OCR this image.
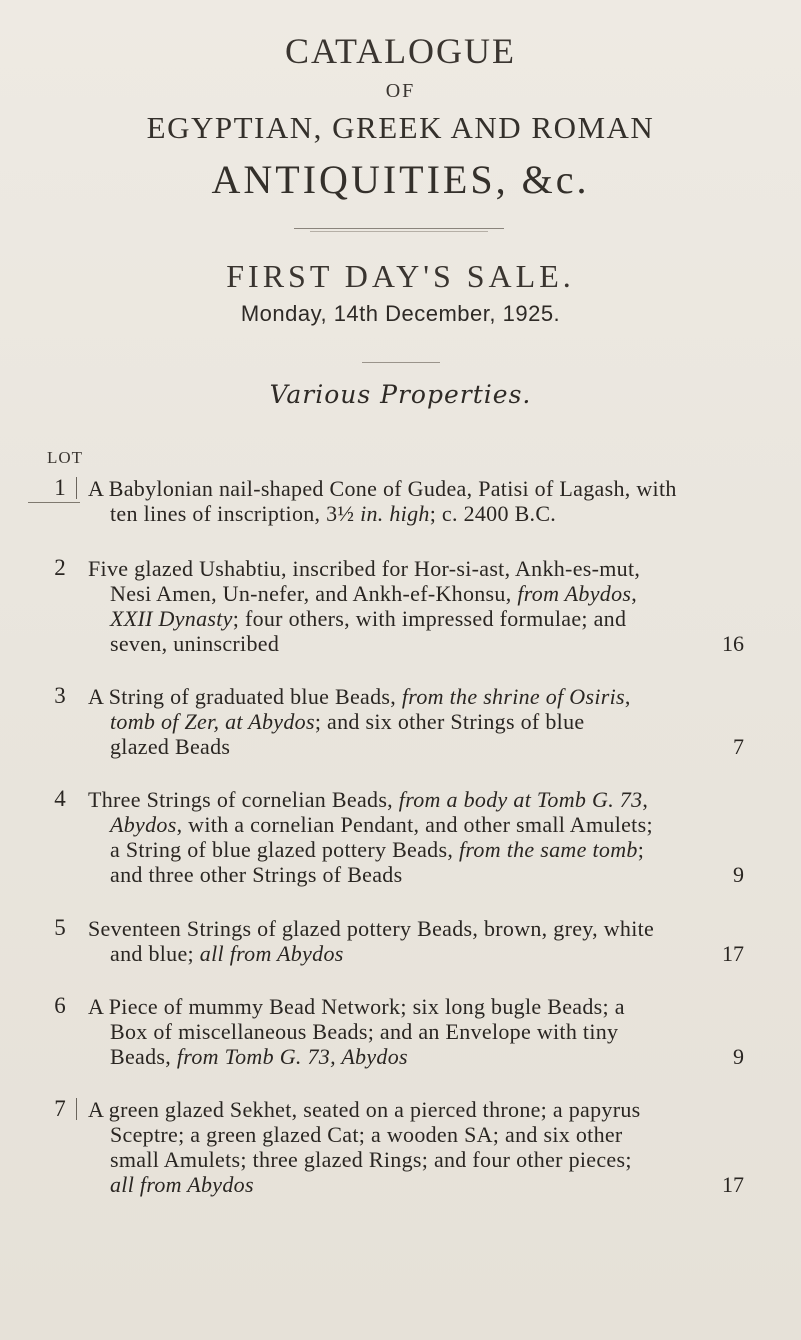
CATALOGUE
OF
EGYPTIAN, GREEK AND ROMAN
ANTIQUITIES, &c.
FIRST DAY'S SALE.
Monday, 14th December, 1925.
Various Properties.
LOT
1 A Babylonian nail-shaped Cone of Gudea, Patisi of Lagash, with
ten lines of inscription, 3½ in. high; c. 2400 B.C.
2 Five glazed Ushabtiu, inscribed for Hor-si-ast, Ankh-es-mut,
Nesi Amen, Un-nefer, and Ankh-ef-Khonsu, from Abydos,
XXII Dynasty; four others, with impressed formulae; and
seven, uninscribed	16
3 A String of graduated blue Beads, from the shrine of Osiris,
tomb of Zer, at Abydos; and six other Strings of blue
glazed Beads	7
4 Three Strings of cornelian Beads, from a body at Tomb G. 73,
Abydos, with a cornelian Pendant, and other small Amulets;
a String of blue glazed pottery Beads, from the same tomb;
and three other Strings of Beads	9
5 Seventeen Strings of glazed pottery Beads, brown, grey, white
and blue; all from Abydos	17
6 A Piece of mummy Bead Network; six long bugle Beads; a
Box of miscellaneous Beads; and an Envelope with tiny
Beads, from Tomb G. 73, Abydos	9
7 A green glazed Sekhet, seated on a pierced throne; a papyrus
Sceptre; a green glazed Cat; a wooden SA; and six other
small Amulets; three glazed Rings; and four other pieces;
all from Abydos	17
